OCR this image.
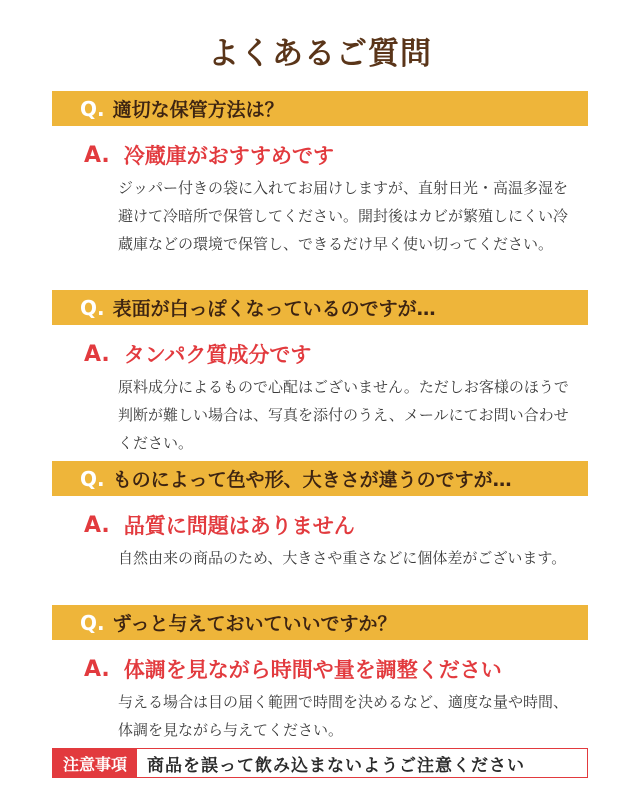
よくあるご質問
Q. 適切な保管方法は？
A. 冷蔵庫がおすすめです
ジッパー付きの袋に入れてお届けしますが、直射日光・高温多湿を避けて冷暗所で保管してください。開封後はカビが繁殖しにくい冷蔵庫などの環境で保管し、できるだけ早く使い切ってください。
Q. 表面が白っぽくなっているのですが…
A. タンパク質成分です
原料成分によるもので心配はございません。ただしお客様のほうで判断が難しい場合は、写真を添付のうえ、メールにてお問い合わせください。
Q. ものによって色や形、大きさが違うのですが…
A. 品質に問題はありません
自然由来の商品のため、大きさや重さなどに個体差がございます。
Q. ずっと与えておいていいですか？
A. 体調を見ながら時間や量を調整ください
与える場合は目の届く範囲で時間を決めるなど、適度な量や時間、体調を見ながら与えてください。
注意事項	商品を誤って飲み込まないようご注意ください
